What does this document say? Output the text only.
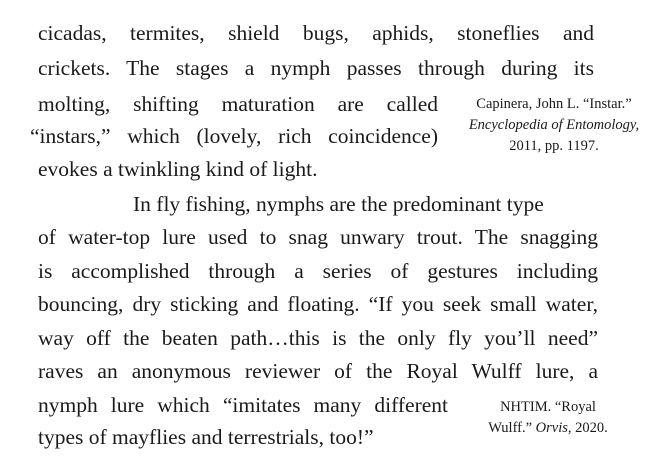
cicadas, termites, shield bugs, aphids, stoneflies and
crickets. The stages a nymph passes through during its
molting, shifting maturation are called
“instars,” which (lovely, rich coincidence)
evokes a twinkling kind of light.
Capinera, John L. “Instar.”
Encyclopedia of Entomology,
2011, pp. 1197.
In fly fishing, nymphs are the predominant type
of water-top lure used to snag unwary trout. The snagging
is accomplished through a series of gestures including
bouncing, dry sticking and floating. “If you seek small water,
way off the beaten path…this is the only fly you’ll need”
raves an anonymous reviewer of the Royal Wulff lure, a
nymph lure which “imitates many different
types of mayflies and terrestrials, too!”
NHTIM. “Royal
Wulff.” Orvis, 2020.
